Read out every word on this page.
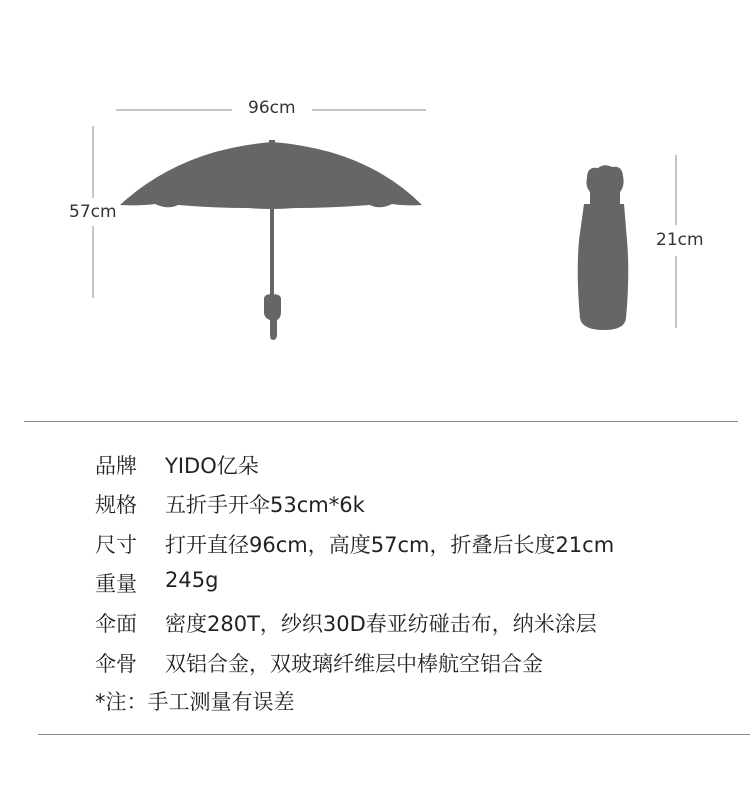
96cm
57cm
21cm
品牌	YIDO亿朵
规格	五折手开伞53cm*6k
尺寸	打开直径96cm，高度57cm，折叠后长度21cm
重量	245g
伞面	密度280T，纱织30D春亚纺碰击布，纳米涂层
伞骨	双铝合金，双玻璃纤维层中棒航空铝合金
*注：手工测量有误差
